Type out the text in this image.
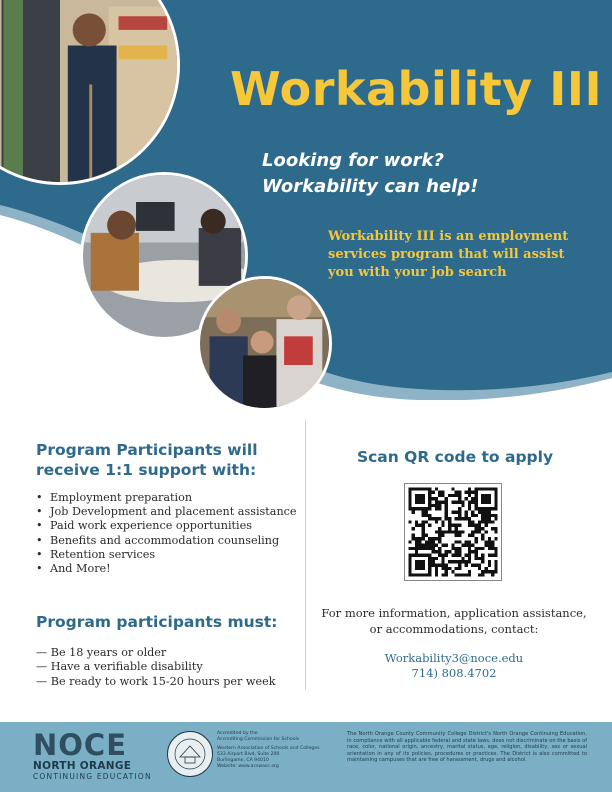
Workability III
Looking for work?
Workability can help!
Workability III is an employment services program that will assist you with your job search
Program Participants will receive 1:1 support with:
• Employment preparation
• Job Development and placement assistance
• Paid work experience opportunities
• Benefits and accommodation counseling
• Retention services
• And More!
Program participants must:
— Be 18 years or older
— Have a verifiable disability
— Be ready to work 15-20 hours per week
Scan QR code to apply
For more information, application assistance, or accommodations, contact:
Workability3@noce.edu
714) 808.4702
NOCE
NORTH ORANGE
CONTINUING EDUCATION
Accredited by the
Accrediting Commission for Schools
Western Association of Schools and Colleges
533 Airport Blvd, Suite 200
Burlingame, CA 94010
Website: www.acswasc.org
The North Orange County Community College District's North Orange Continuing Education, in compliance with all applicable federal and state laws, does not discriminate on the basis of race, color, national origin, ancestry, marital status, age, religion, disability, sex or sexual orientation in any of its policies, procedures or practices. The District is also committed to maintaining campuses that are free of harassment, drugs and alcohol.
